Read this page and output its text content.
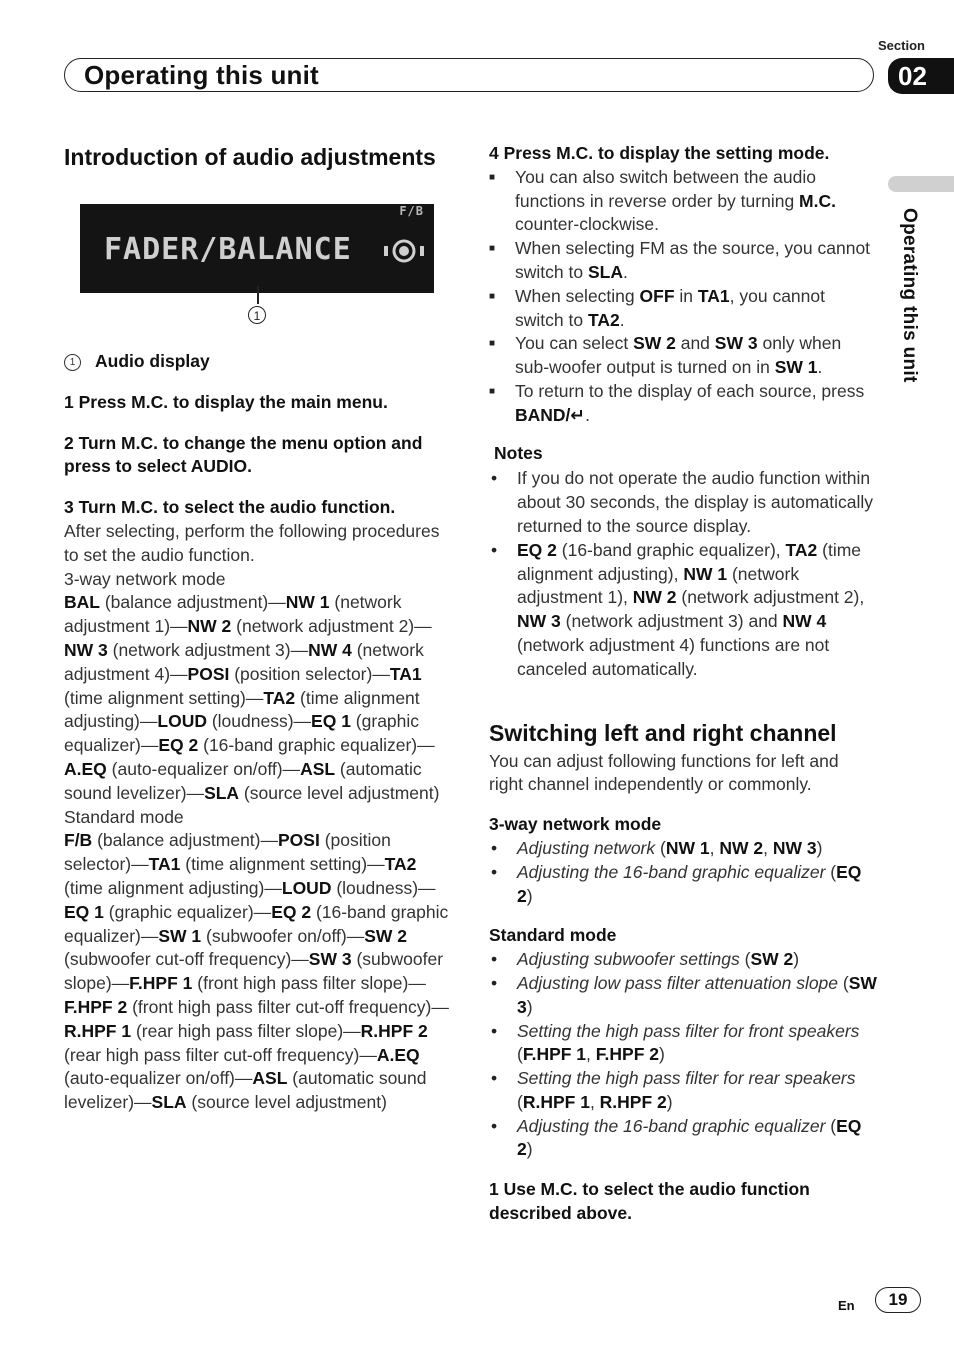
Section
Operating this unit	02
Operating this unit
F/B
FADER/BALANCE
1
Introduction of audio adjustments

1	Audio display

1 Press M.C. to display the main menu.

2 Turn M.C. to change the menu option and press to select AUDIO.

3 Turn M.C. to select the audio function.

After selecting, perform the following procedures to set the audio function.

3-way network mode

BAL (balance adjustment)—NW 1 (network adjustment 1)—NW 2 (network adjustment 2)—NW 3 (network adjustment 3)—NW 4 (network adjustment 4)—POSI (position selector)—TA1 (time alignment setting)—TA2 (time alignment adjusting)—LOUD (loudness)—EQ 1 (graphic equalizer)—EQ 2 (16-band graphic equalizer)—A.EQ (auto-equalizer on/off)—ASL (automatic sound levelizer)—SLA (source level adjustment)

Standard mode

F/B (balance adjustment)—POSI (position selector)—TA1 (time alignment setting)—TA2 (time alignment adjusting)—LOUD (loudness)—EQ 1 (graphic equalizer)—EQ 2 (16-band graphic equalizer)—SW 1 (subwoofer on/off)—SW 2 (subwoofer cut-off frequency)—SW 3 (subwoofer slope)—F.HPF 1 (front high pass filter slope)—F.HPF 2 (front high pass filter cut-off frequency)—R.HPF 1 (rear high pass filter slope)—R.HPF 2 (rear high pass filter cut-off frequency)—A.EQ (auto-equalizer on/off)—ASL (automatic sound levelizer)—SLA (source level adjustment)

4 Press M.C. to display the setting mode.

■	You can also switch between the audio functions in reverse order by turning M.C. counter-clockwise.
■	When selecting FM as the source, you cannot switch to SLA.
■	When selecting OFF in TA1, you cannot switch to TA2.
■	You can select SW 2 and SW 3 only when sub-woofer output is turned on in SW 1.
■	To return to the display of each source, press BAND/↵.

Notes

•	If you do not operate the audio function within about 30 seconds, the display is automatically returned to the source display.
•	EQ 2 (16-band graphic equalizer), TA2 (time alignment adjusting), NW 1 (network adjustment 1), NW 2 (network adjustment 2), NW 3 (network adjustment 3) and NW 4 (network adjustment 4) functions are not canceled automatically.
Switching left and right channel

You can adjust following functions for left and right channel independently or commonly.

3-way network mode

•	Adjusting network (NW 1, NW 2, NW 3)
•	Adjusting the 16-band graphic equalizer (EQ 2)

Standard mode

•	Adjusting subwoofer settings (SW 2)
•	Adjusting low pass filter attenuation slope (SW 3)
•	Setting the high pass filter for front speakers (F.HPF 1, F.HPF 2)
•	Setting the high pass filter for rear speakers (R.HPF 1, R.HPF 2)
•	Adjusting the 16-band graphic equalizer (EQ 2)

1 Use M.C. to select the audio function described above.

En	19
